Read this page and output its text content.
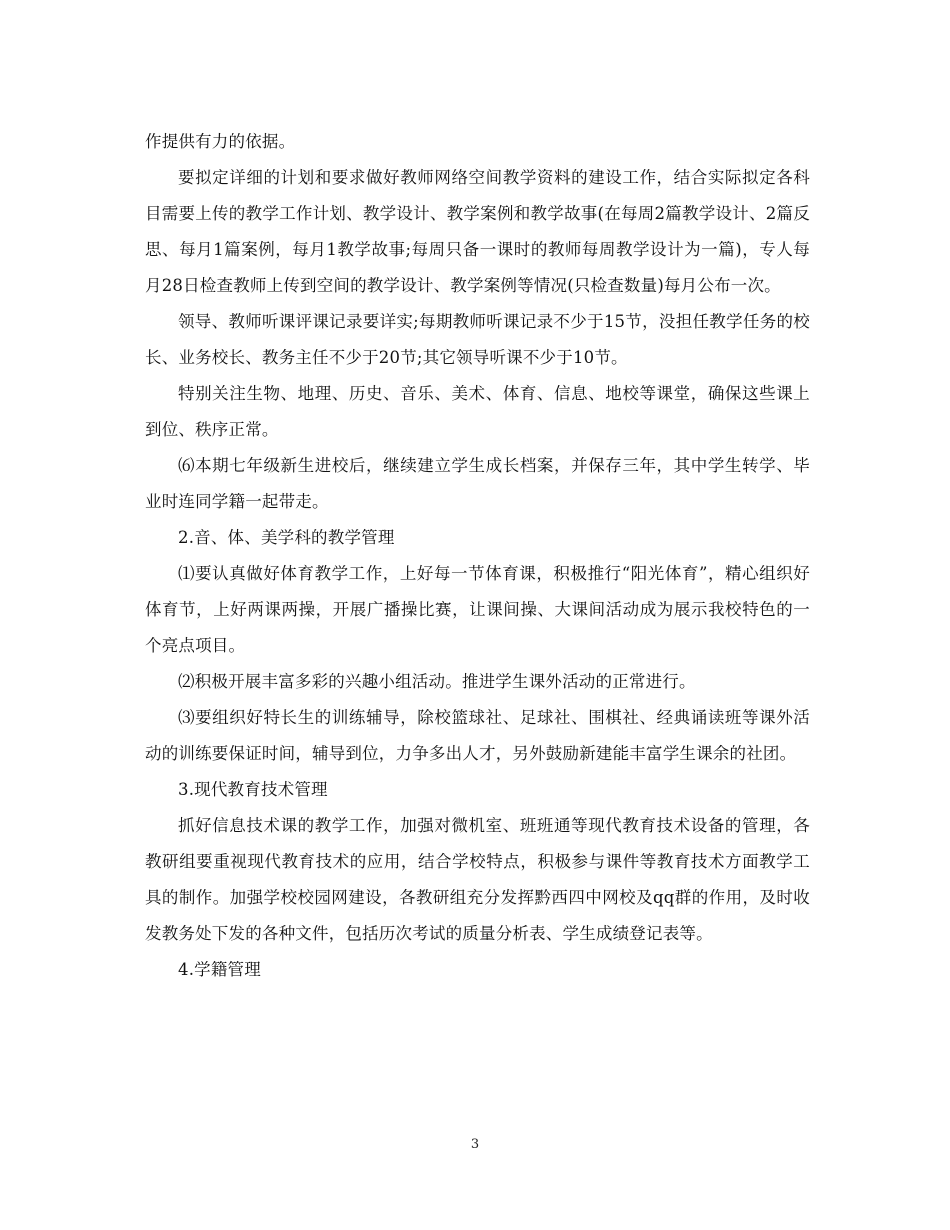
作提供有力的依据。

要拟定详细的计划和要求做好教师网络空间教学资料的建设工作，结合实际拟定各科目需要上传的教学工作计划、教学设计、教学案例和教学故事(在每周2篇教学设计、2篇反思、每月1篇案例，每月1教学故事;每周只备一课时的教师每周教学设计为一篇)，专人每月28日检查教师上传到空间的教学设计、教学案例等情况(只检查数量)每月公布一次。

领导、教师听课评课记录要详实;每期教师听课记录不少于15节，没担任教学任务的校长、业务校长、教务主任不少于20节;其它领导听课不少于10节。

特别关注生物、地理、历史、音乐、美术、体育、信息、地校等课堂，确保这些课上到位、秩序正常。

⑹本期七年级新生进校后，继续建立学生成长档案，并保存三年，其中学生转学、毕业时连同学籍一起带走。

2.音、体、美学科的教学管理

⑴要认真做好体育教学工作，上好每一节体育课，积极推行“阳光体育”，精心组织好体育节，上好两课两操，开展广播操比赛，让课间操、大课间活动成为展示我校特色的一个亮点项目。

⑵积极开展丰富多彩的兴趣小组活动。推进学生课外活动的正常进行。

⑶要组织好特长生的训练辅导，除校篮球社、足球社、围棋社、经典诵读班等课外活动的训练要保证时间，辅导到位，力争多出人才，另外鼓励新建能丰富学生课余的社团。

3.现代教育技术管理

抓好信息技术课的教学工作，加强对微机室、班班通等现代教育技术设备的管理，各教研组要重视现代教育技术的应用，结合学校特点，积极参与课件等教育技术方面教学工具的制作。加强学校校园网建设，各教研组充分发挥黔西四中网校及qq群的作用，及时收发教务处下发的各种文件，包括历次考试的质量分析表、学生成绩登记表等。

4.学籍管理

3
